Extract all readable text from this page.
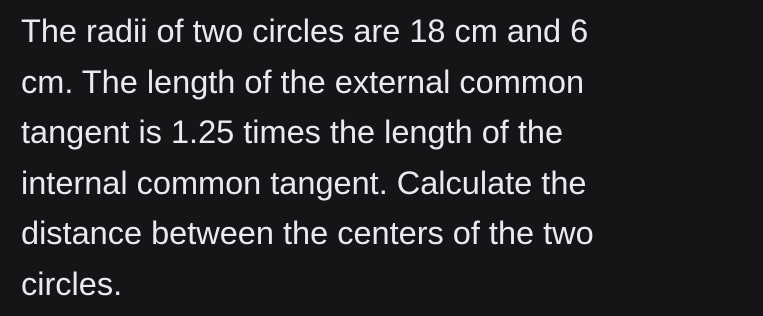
The radii of two circles are 18 cm and 6
cm. The length of the external common
tangent is 1.25 times the length of the
internal common tangent. Calculate the
distance between the centers of the two
circles.
